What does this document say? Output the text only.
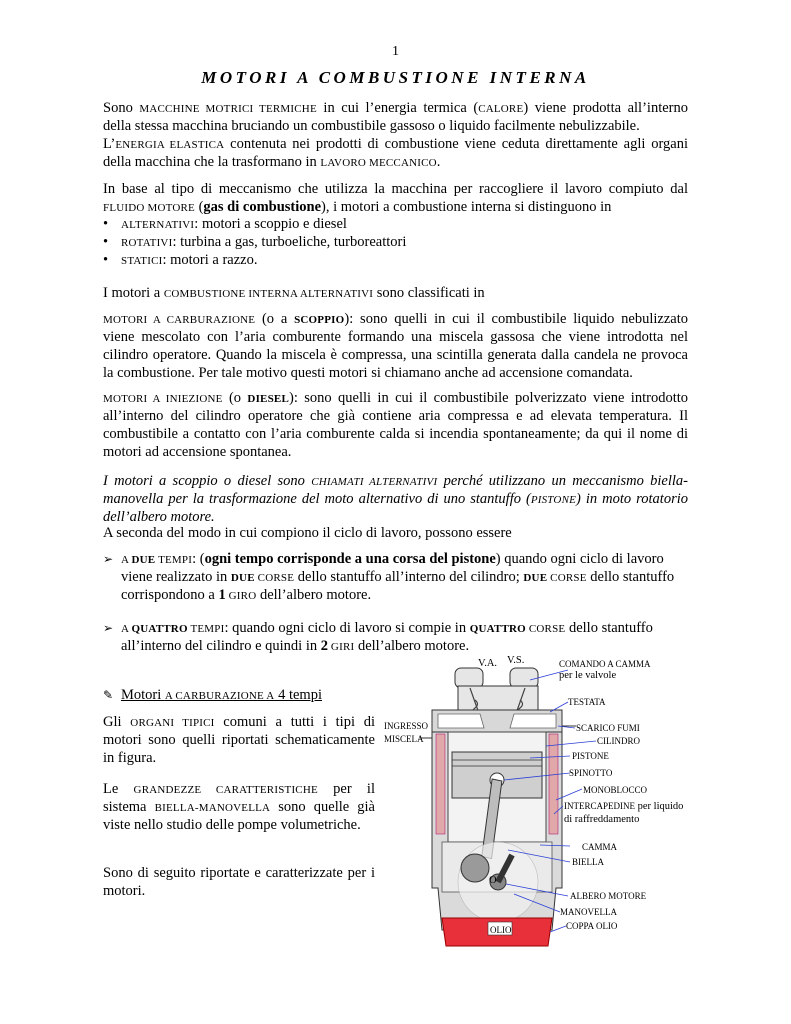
1
MOTORI A COMBUSTIONE INTERNA
Sono MACCHINE MOTRICI TERMICHE in cui l’energia termica (CALORE) viene prodotta all’interno
della stessa macchina bruciando un combustibile gassoso o liquido facilmente nebulizzabile.
L’ENERGIA ELASTICA contenuta nei prodotti di combustione viene ceduta direttamente agli organi
della macchina che la trasformano in LAVORO MECCANICO.
In base al tipo di meccanismo che utilizza la macchina per raccogliere il lavoro compiuto dal
FLUIDO MOTORE (gas di combustione), i motori a combustione interna si distinguono in
• ALTERNATIVI: motori a scoppio e diesel
• ROTATIVI: turbina a gas, turboeliche, turboreattori
• STATICI: motori a razzo.
I motori a COMBUSTIONE INTERNA ALTERNATIVI sono classificati in
MOTORI A CARBURAZIONE (o a SCOPPIO): sono quelli in cui il combustibile liquido nebulizzato
viene mescolato con l’aria comburente formando una miscela gassosa che viene introdotta nel
cilindro operatore. Quando la miscela è compressa, una scintilla generata dalla candela ne provoca
la combustione. Per tale motivo questi motori si chiamano anche ad accensione comandata.
MOTORI A INIEZIONE (o DIESEL): sono quelli in cui il combustibile polverizzato viene introdotto
all’interno del cilindro operatore che già contiene aria compressa e ad elevata temperatura. Il
combustibile a contatto con l’aria comburente calda si incendia spontaneamente; da qui il nome di
motori ad accensione spontanea.
I motori a scoppio o diesel sono CHIAMATI ALTERNATIVI perché utilizzano un meccanismo biella-
manovella per la trasformazione del moto alternativo di uno stantuffo (PISTONE) in moto rotatorio
dell’albero motore.
A seconda del modo in cui compiono il ciclo di lavoro, possono essere
➢ A DUE TEMPI: (ogni tempo corrisponde a una corsa del pistone) quando ogni ciclo di lavoro
viene realizzato in DUE CORSE dello stantuffo all’interno del cilindro; DUE CORSE dello stantuffo
corrispondono a 1 GIRO dell’albero motore.
➢ A QUATTRO TEMPI: quando ogni ciclo di lavoro si compie in QUATTRO CORSE dello stantuffo
all’interno del cilindro e quindi in 2 GIRI dell’albero motore.
✎ Motori A CARBURAZIONE A 4 tempi
Gli ORGANI TIPICI comuni a tutti i tipi di
motori sono quelli riportati schematicamente
in figura.
Le GRANDEZZE CARATTERISTICHE per il
sistema BIELLA-MANOVELLA sono quelle già
viste nello studio delle pompe volumetriche.
Sono di seguito riportate e caratterizzate per i
motori.
V.A. V.S.	COMANDO A CAMMA
per le valvole
TESTATA
INGRESSO
MISCELA
SCARICO FUMI
CILINDRO
PISTONE
SPINOTTO
MONOBLOCCO
INTERCAPEDINE per liquido
di raffreddamento
CAMMA
BIELLA
O
ALBERO MOTORE
MANOVELLA
COPPA OLIO
OLIO
